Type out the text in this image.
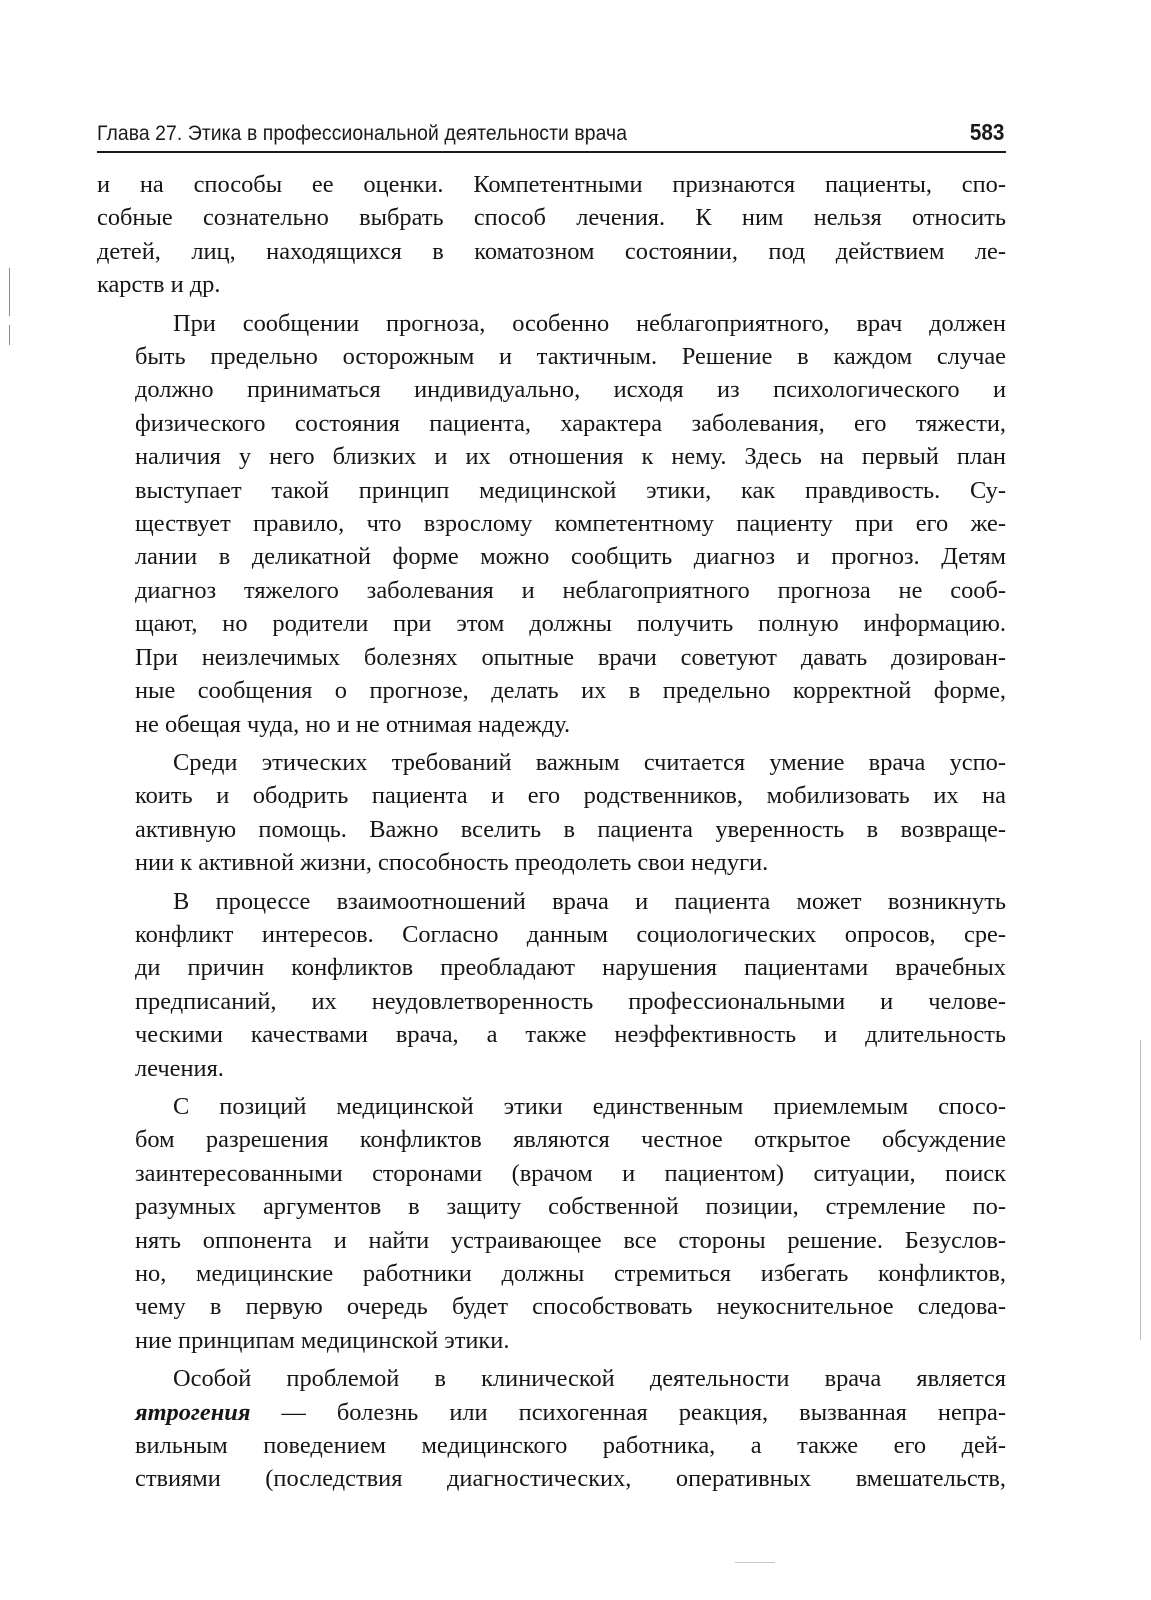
Глава 27. Этика в профессиональной деятельности врача	583

и на способы ее оценки. Компетентными признаются пациенты, спо-
собные сознательно выбрать способ лечения. К ним нельзя относить
детей, лиц, находящихся в коматозном состоянии, под действием ле-
карств и др.

При сообщении прогноза, особенно неблагоприятного, врач должен
быть предельно осторожным и тактичным. Решение в каждом случае
должно приниматься индивидуально, исходя из психологического и
физического состояния пациента, характера заболевания, его тяжести,
наличия у него близких и их отношения к нему. Здесь на первый план
выступает такой принцип медицинской этики, как правдивость. Су-
ществует правило, что взрослому компетентному пациенту при его же-
лании в деликатной форме можно сообщить диагноз и прогноз. Детям
диагноз тяжелого заболевания и неблагоприятного прогноза не сооб-
щают, но родители при этом должны получить полную информацию.
При неизлечимых болезнях опытные врачи советуют давать дозирован-
ные сообщения о прогнозе, делать их в предельно корректной форме,
не обещая чуда, но и не отнимая надежду.

Среди этических требований важным считается умение врача успо-
коить и ободрить пациента и его родственников, мобилизовать их на
активную помощь. Важно вселить в пациента уверенность в возвраще-
нии к активной жизни, способность преодолеть свои недуги.

В процессе взаимоотношений врача и пациента может возникнуть
конфликт интересов. Согласно данным социологических опросов, сре-
ди причин конфликтов преобладают нарушения пациентами врачебных
предписаний, их неудовлетворенность профессиональными и челове-
ческими качествами врача, а также неэффективность и длительность
лечения.

С позиций медицинской этики единственным приемлемым спосо-
бом разрешения конфликтов являются честное открытое обсуждение
заинтересованными сторонами (врачом и пациентом) ситуации, поиск
разумных аргументов в защиту собственной позиции, стремление по-
нять оппонента и найти устраивающее все стороны решение. Безуслов-
но, медицинские работники должны стремиться избегать конфликтов,
чему в первую очередь будет способствовать неукоснительное следова-
ние принципам медицинской этики.

Особой проблемой в клинической деятельности врача является
ятрогения — болезнь или психогенная реакция, вызванная непра-
вильным поведением медицинского работника, а также его дей-
ствиями (последствия диагностических, оперативных вмешательств,
